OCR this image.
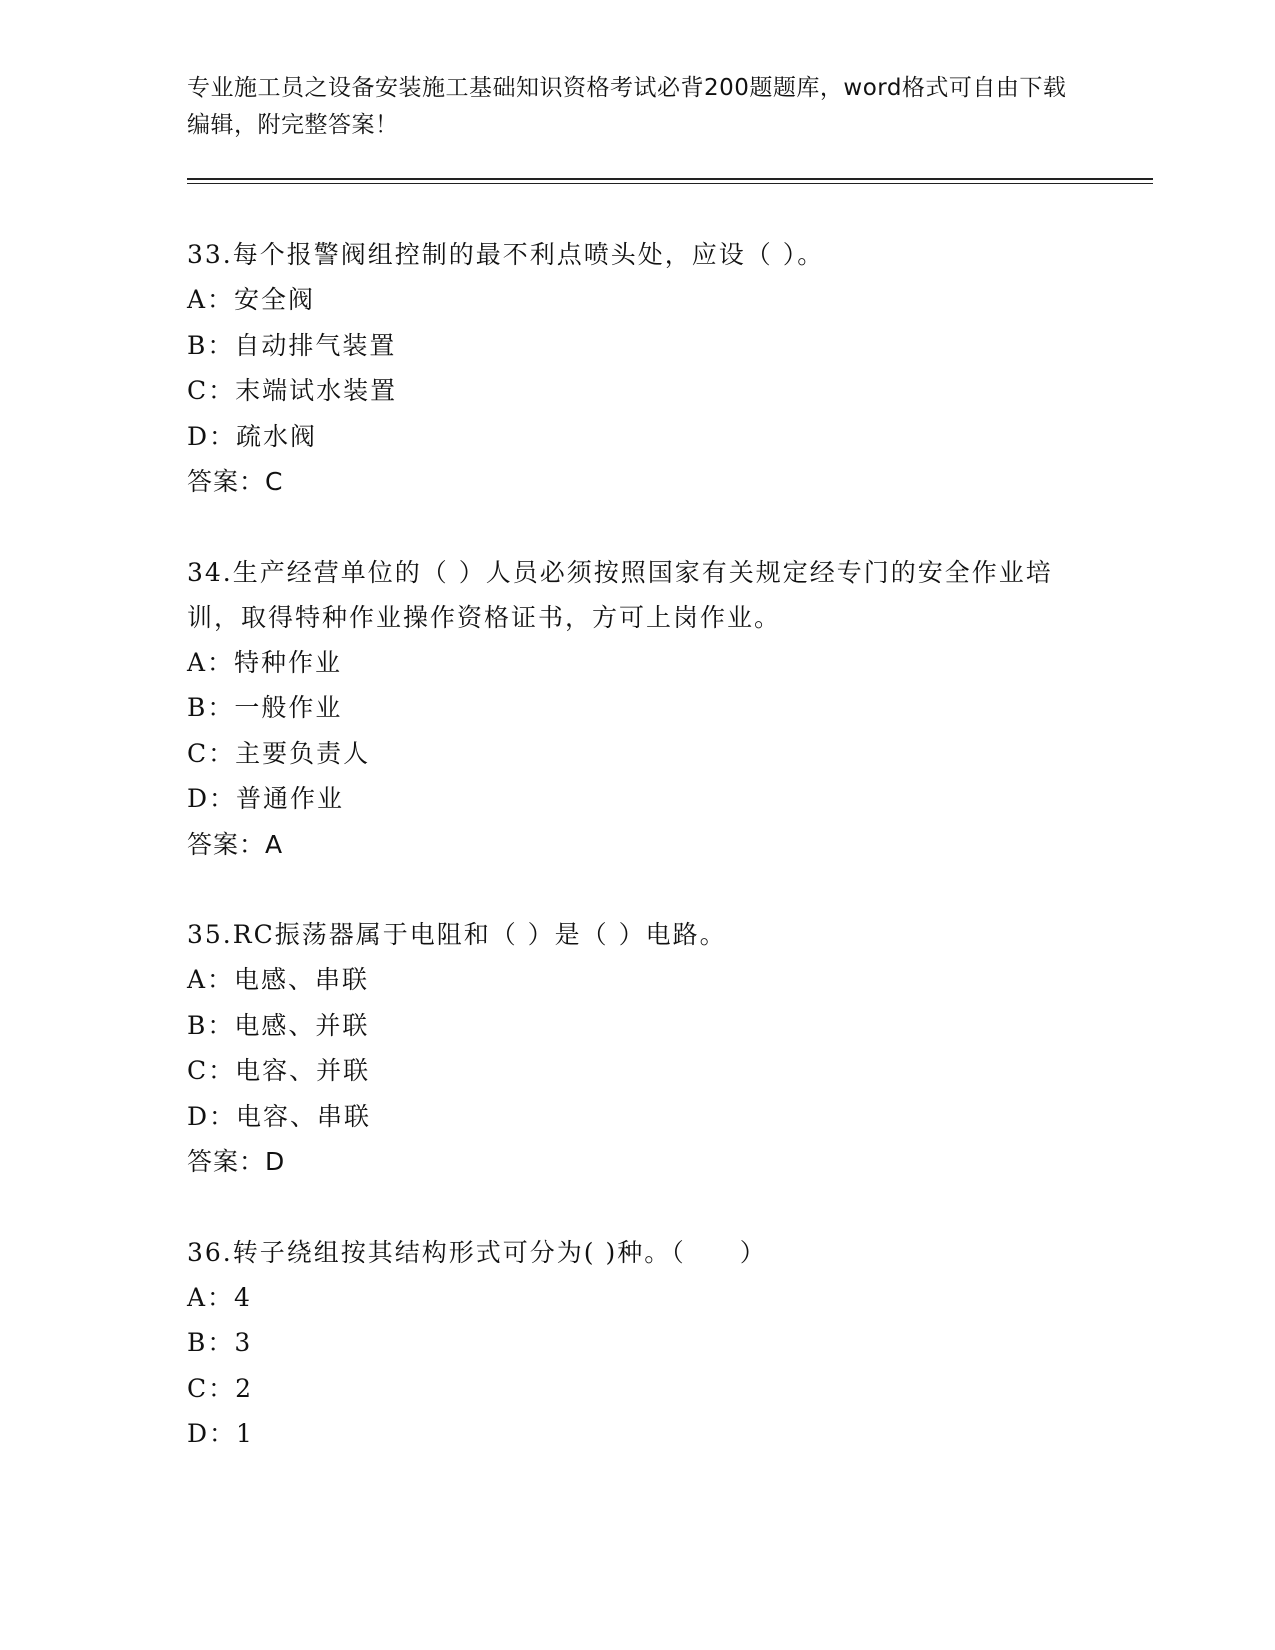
专业施工员之设备安装施工基础知识资格考试必背200题题库，word格式可自由下载编辑，附完整答案！
33.每个报警阀组控制的最不利点喷头处，应设（ ）。
A：安全阀
B：自动排气装置
C：末端试水装置
D：疏水阀
答案：C
34.生产经营单位的（ ）人员必须按照国家有关规定经专门的安全作业培训，取得特种作业操作资格证书，方可上岗作业。
A：特种作业
B：一般作业
C：主要负责人
D：普通作业
答案：A
35.RC振荡器属于电阻和（ ）是（ ）电路。
A：电感、串联
B：电感、并联
C：电容、并联
D：电容、串联
答案：D
36.转子绕组按其结构形式可分为( )种。（　　）
A：4
B：3
C：2
D：1
